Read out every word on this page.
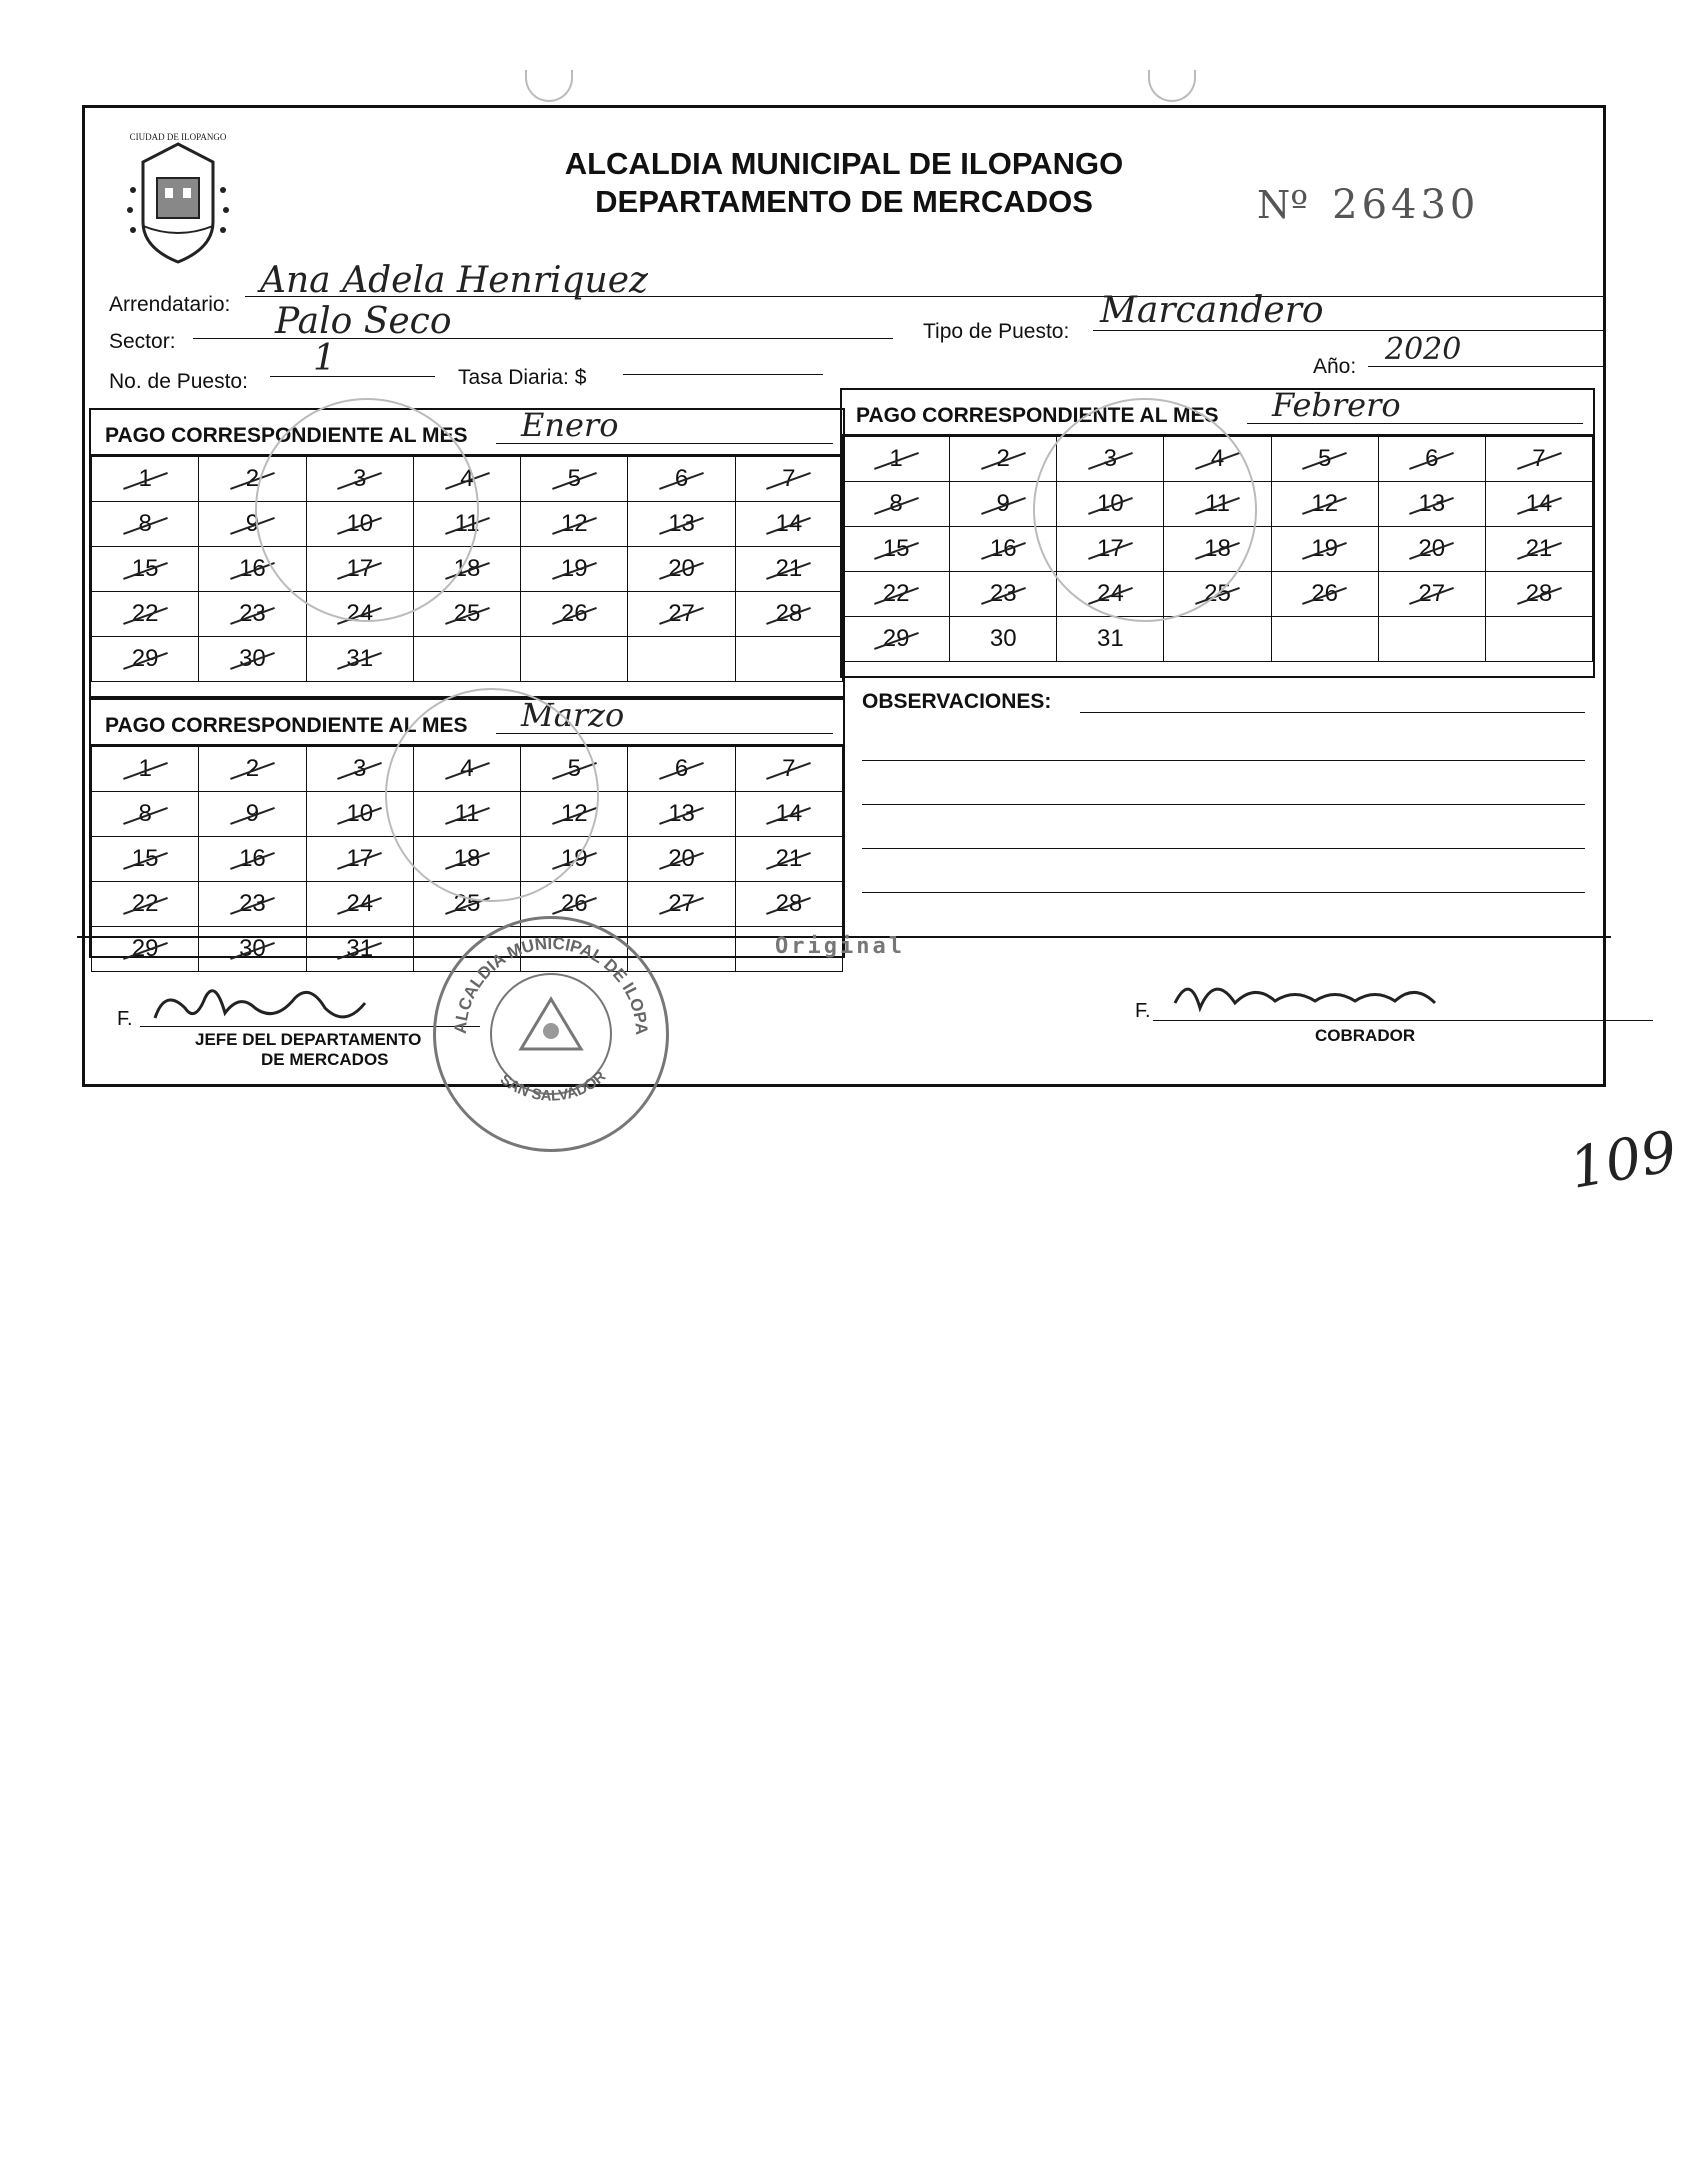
CIUDAD DE ILOPANGO
ALCALDIA MUNICIPAL DE ILOPANGO
DEPARTAMENTO DE MERCADOS	Nº 26430
Arrendatario:
Ana Adela Henriquez
Sector:	Palo Seco	Tipo de Puesto:
Marcandero
No. de Puesto:
1	Tasa Diaria: $	Año: 2020
PAGO CORRESPONDIENTE AL MES Enero
1	2	3	4	5	6	7
8	9	10	11	12	13	14
15	16	17	18	19	20	21
22	23	24	25	26	27	28
29	30	31				
PAGO CORRESPONDIENTE AL MES Febrero
1	2	3	4	5	6	7
8	9	10	11	12	13	14
15	16	17	18	19	20	21
22	23	24	25	26	27	28
29	30	31				
PAGO CORRESPONDIENTE AL MES Marzo
1	2	3	4	5	6	7
8	9	10	11	12	13	14
15	16	17	18	19	20	21
22	23	24	25	26	27	28
29	30	31				
OBSERVACIONES:
F.
JEFE DEL DEPARTAMENTO
DE MERCADOS
Original
F.
COBRADOR
ALCALDIA MUNICIPAL DE ILOPA
SAN SALVADOR
109
